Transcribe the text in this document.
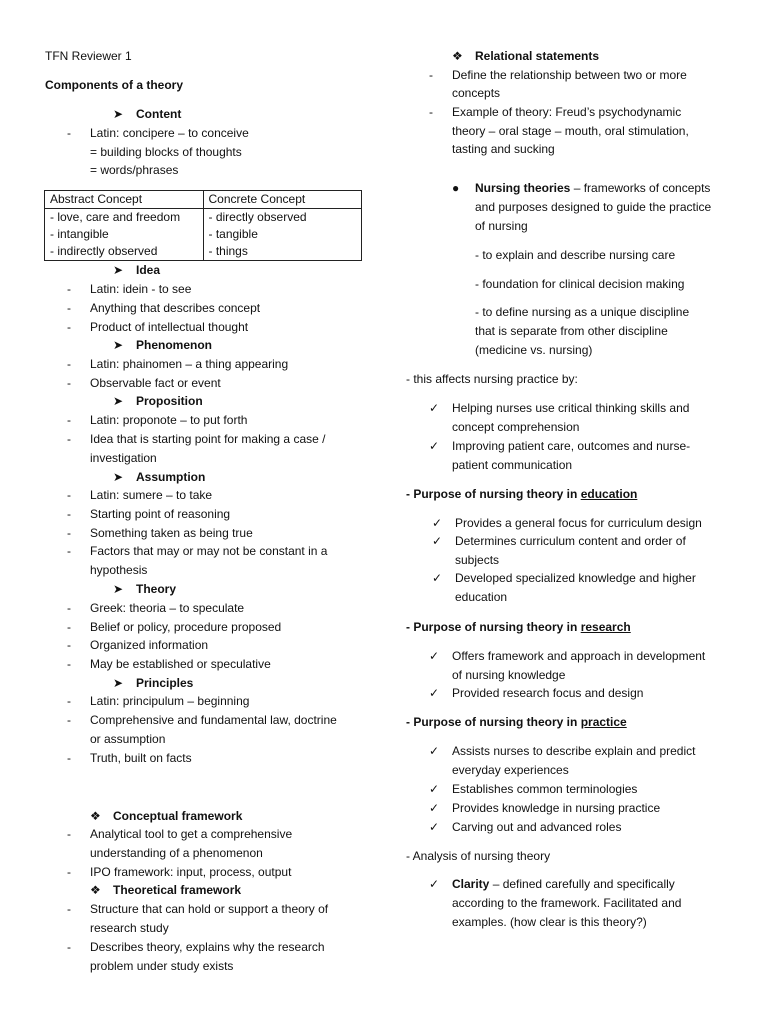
TFN Reviewer 1
Components of a theory
➤ Content
- Latin: concipere – to conceive
= building blocks of thoughts
= words/phrases
Abstract Concept	Concrete Concept
- love, care and freedom	- directly observed
- intangible	- tangible
- indirectly observed	- things
➤ Idea
- Latin: idein - to see
- Anything that describes concept
- Product of intellectual thought
➤ Phenomenon
- Latin: phainomen – a thing appearing
- Observable fact or event
➤ Proposition
- Latin: proponote – to put forth
- Idea that is starting point for making a case /
investigation
➤ Assumption
- Latin: sumere – to take
- Starting point of reasoning
- Something taken as being true
- Factors that may or may not be constant in a
hypothesis
➤ Theory
- Greek: theoria – to speculate
- Belief or policy, procedure proposed
- Organized information
- May be established or speculative
➤ Principles
- Latin: principulum – beginning
- Comprehensive and fundamental law, doctrine
or assumption
- Truth, built on facts
❖ Conceptual framework
- Analytical tool to get a comprehensive
understanding of a phenomenon
- IPO framework: input, process, output
❖ Theoretical framework
- Structure that can hold or support a theory of
research study
- Describes theory, explains why the research
problem under study exists
❖ Relational statements
- Define the relationship between two or more
concepts
- Example of theory: Freud’s psychodynamic
theory – oral stage – mouth, oral stimulation,
tasting and sucking
● Nursing theories – frameworks of concepts
and purposes designed to guide the practice
of nursing
- to explain and describe nursing care
- foundation for clinical decision making
- to define nursing as a unique discipline
that is separate from other discipline
(medicine vs. nursing)
- this affects nursing practice by:
✓ Helping nurses use critical thinking skills and
concept comprehension
✓ Improving patient care, outcomes and nurse-
patient communication
- Purpose of nursing theory in education
✓ Provides a general focus for curriculum design
✓ Determines curriculum content and order of
subjects
✓ Developed specialized knowledge and higher
education
- Purpose of nursing theory in research
✓ Offers framework and approach in development
of nursing knowledge
✓ Provided research focus and design
- Purpose of nursing theory in practice
✓ Assists nurses to describe explain and predict
everyday experiences
✓ Establishes common terminologies
✓ Provides knowledge in nursing practice
✓ Carving out and advanced roles
- Analysis of nursing theory
✓ Clarity – defined carefully and specifically
according to the framework. Facilitated and
examples. (how clear is this theory?)
